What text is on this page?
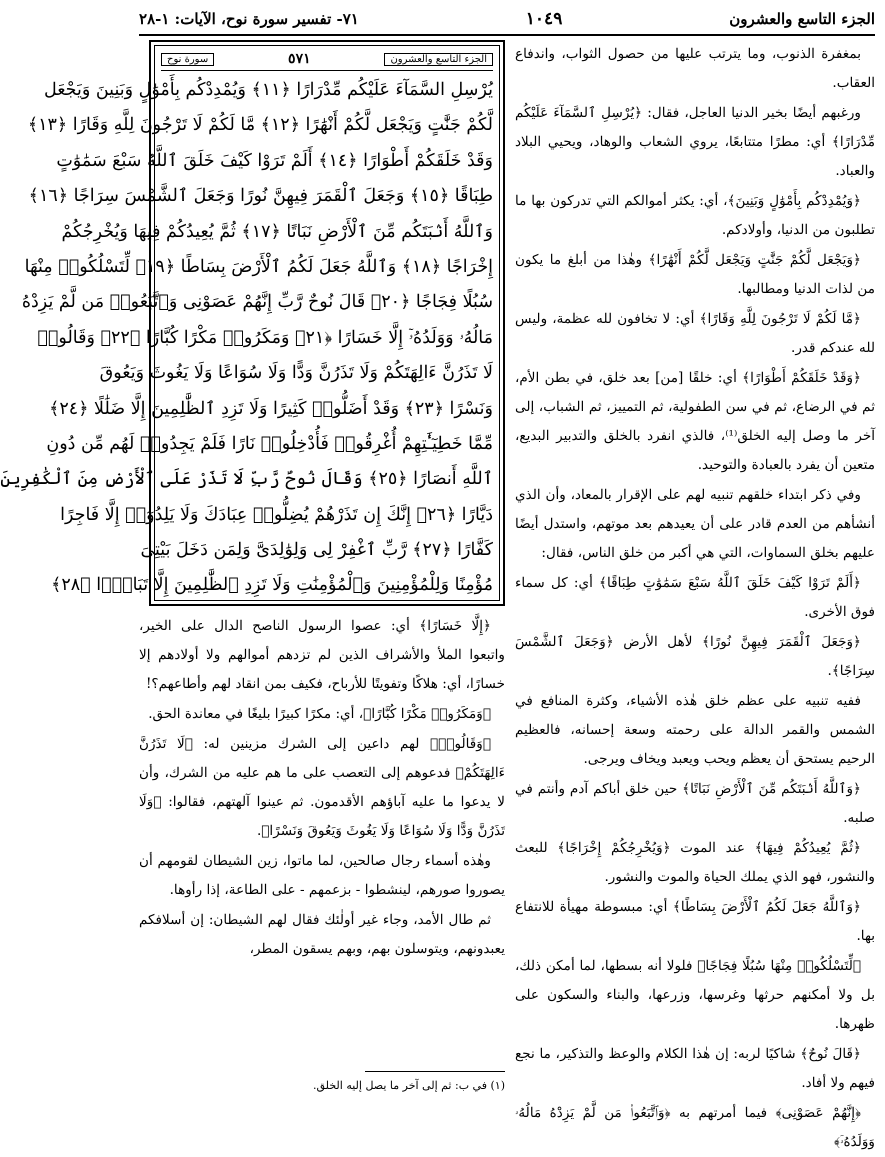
الجزء التاسع والعشرون
١٠٤٩
٧١- تفسير سورة نوح، الآيات: ١-٢٨

بمغفرة الذنوب، وما يترتب عليها من حصول الثواب، واندفاع العقاب.

ورغبهم أيضًا بخير الدنيا العاجل، فقال: ﴿يُرْسِلِ ٱلسَّمَآءَ عَلَيْكُم مِّدْرَارًا﴾ أي: مطرًا متتابعًا، يروي الشعاب والوهاد، ويحيي البلاد والعباد.

﴿وَيُمْدِدْكُم بِأَمْوَٰلٍ وَبَنِينَ﴾، أي: يكثر أموالكم التي تدركون بها ما تطلبون من الدنيا، وأولادكم.

﴿وَيَجْعَل لَّكُمْ جَنَّٰتٍ وَيَجْعَل لَّكُمْ أَنْهَٰرًا﴾ وهٰذا من أبلغ ما يكون من لذات الدنيا ومطالبها.

﴿مَّا لَكُمْ لَا تَرْجُونَ لِلَّهِ وَقَارًا﴾ أي: لا تخافون لله عظمة، وليس لله عندكم قدر.

﴿وَقَدْ خَلَقَكُمْ أَطْوَارًا﴾ أي: خلقًا [من] بعد خلق، في بطن الأم، ثم في الرضاع، ثم في سن الطفولية، ثم التمييز، ثم الشباب، إلى آخر ما وصل إليه الخلق⁽¹⁾، فالذي انفرد بالخلق والتدبير البديع، متعين أن يفرد بالعبادة والتوحيد.

وفي ذكر ابتداء خلقهم تنبيه لهم على الإقرار بالمعاد، وأن الذي أنشأهم من العدم قادر على أن يعيدهم بعد موتهم، واستدل أيضًا عليهم بخلق السماوات، التي هي أكبر من خلق الناس، فقال:

﴿أَلَمْ تَرَوْا كَيْفَ خَلَقَ ٱللَّهُ سَبْعَ سَمَٰوَٰتٍ طِبَاقًا﴾ أي: كل سماء فوق الأخرى.

﴿وَجَعَلَ ٱلْقَمَرَ فِيهِنَّ نُورًا﴾ لأهل الأرض ﴿وَجَعَلَ ٱلشَّمْسَ سِرَاجًا﴾.

ففيه تنبيه على عظم خلق هٰذه الأشياء، وكثرة المنافع في الشمس والقمر الدالة على رحمته وسعة إحسانه، فالعظيم الرحيم يستحق أن يعظم ويحب ويعبد ويخاف ويرجى.

﴿وَٱللَّهُ أَنۢبَتَكُم مِّنَ ٱلْأَرْضِ نَبَاتًا﴾ حين خلق أباكم آدم وأنتم في صلبه.

﴿ثُمَّ يُعِيدُكُمْ فِيهَا﴾ عند الموت ﴿وَيُخْرِجُكُمْ إِخْرَاجًا﴾ للبعث والنشور، فهو الذي يملك الحياة والموت والنشور.

﴿وَٱللَّهُ جَعَلَ لَكُمُ ٱلْأَرْضَ بِسَاطًا﴾ أي: مبسوطة مهيأة للانتفاع بها.

﴿لِّتَسْلُكُوا۟ مِنْهَا سُبُلًا فِجَاجًا﴾ فلولا أنه بسطها، لما أمكن ذلك، بل ولا أمكنهم حرثها وغرسها، وزرعها، والبناء والسكون على ظهرها.

﴿قَالَ نُوحٌ﴾ شاكيًا لربه: إن هٰذا الكلام والوعظ والتذكير، ما نجع فيهم ولا أفاد.

﴿إِنَّهُمْ عَصَوْنِى﴾ فيما أمرتهم به ﴿وَٱتَّبَعُوا۟ مَن لَّمْ يَزِدْهُ مَالُهُۥ وَوَلَدُهُۥٓ﴾

الجزء التاسع والعشرون
٥٧١
سورة نوح
يُرْسِلِ السَّمَآءَ عَلَيْكُم مِّدْرَارًا ﴿١١﴾ وَيُمْدِدْكُم بِأَمْوَٰلٍ وَبَنِينَ وَيَجْعَل
لَّكُمْ جَنَّٰتٍ وَيَجْعَل لَّكُمْ أَنْهَٰرًا ﴿١٢﴾ مَّا لَكُمْ لَا تَرْجُونَ لِلَّهِ وَقَارًا ﴿١٣﴾
وَقَدْ خَلَقَكُمْ أَطْوَارًا ﴿١٤﴾ أَلَمْ تَرَوْا كَيْفَ خَلَقَ ٱللَّهُ سَبْعَ سَمَٰوَٰتٍ
طِبَاقًا ﴿١٥﴾ وَجَعَلَ ٱلْقَمَرَ فِيهِنَّ نُورًا وَجَعَلَ ٱلشَّمْسَ سِرَاجًا ﴿١٦﴾
وَٱللَّهُ أَنۢبَتَكُم مِّنَ ٱلْأَرْضِ نَبَاتًا ﴿١٧﴾ ثُمَّ يُعِيدُكُمْ فِيهَا وَيُخْرِجُكُمْ
إِخْرَاجًا ﴿١٨﴾ وَٱللَّهُ جَعَلَ لَكُمُ ٱلْأَرْضَ بِسَاطًا ﴿١٩﴾ لِّتَسْلُكُوا۟ مِنْهَا
سُبُلًا فِجَاجًا ﴿٢٠﴾ قَالَ نُوحٌ رَّبِّ إِنَّهُمْ عَصَوْنِى وَٱتَّبَعُوا۟ مَن لَّمْ يَزِدْهُ
مَالُهُۥ وَوَلَدُهُۥٓ إِلَّا خَسَارًا ﴿٢١﴾ وَمَكَرُوا۟ مَكْرًا كُبَّارًا ﴿٢٢﴾ وَقَالُوا۟
لَا تَذَرُنَّ ءَالِهَتَكُمْ وَلَا تَذَرُنَّ وَدًّا وَلَا سُوَاعًا وَلَا يَغُوثَ وَيَعُوقَ
وَنَسْرًا ﴿٢٣﴾ وَقَدْ أَضَلُّوا۟ كَثِيرًا وَلَا تَزِدِ ٱلظَّٰلِمِينَ إِلَّا ضَلَٰلًا ﴿٢٤﴾
مِّمَّا خَطِيٓـَٰٔتِهِمْ أُغْرِقُوا۟ فَأُدْخِلُوا۟ نَارًا فَلَمْ يَجِدُوا۟ لَهُم مِّن دُونِ
ٱللَّهِ أَنصَارًا ﴿٢٥﴾ وَقَالَ نُوحٌ رَّبِّ لَا تَذَرْ عَلَى ٱلْأَرْضِ مِنَ ٱلْكَٰفِرِينَ
دَيَّارًا ﴿٢٦﴾ إِنَّكَ إِن تَذَرْهُمْ يُضِلُّوا۟ عِبَادَكَ وَلَا يَلِدُوٓا۟ إِلَّا فَاجِرًا
كَفَّارًا ﴿٢٧﴾ رَّبِّ ٱغْفِرْ لِى وَلِوَٰلِدَىَّ وَلِمَن دَخَلَ بَيْتِىَ
مُؤْمِنًا وَلِلْمُؤْمِنِينَ وَٱلْمُؤْمِنَٰتِ وَلَا تَزِدِ ٱلظَّٰلِمِينَ إِلَّا تَبَارًۢا ﴿٢٨﴾

﴿إِلَّا خَسَارًا﴾ أي: عصوا الرسول الناصح الدال على الخير، واتبعوا الملأ والأشراف الذين لم تزدهم أموالهم ولا أولادهم إلا خسارًا، أي: هلاكًا وتفويتًا للأرباح، فكيف بمن انقاد لهم وأطاعهم؟!

﴿وَمَكَرُوا۟ مَكْرًا كُبَّارًا﴾، أي: مكرًا كبيرًا بليغًا في معاندة الحق.

﴿وَقَالُوا۟﴾ لهم داعين إلى الشرك مزينين له: ﴿لَا تَذَرُنَّ ءَالِهَتَكُمْ﴾ فدعوهم إلى التعصب على ما هم عليه من الشرك، وأن لا يدعوا ما عليه آباؤهم الأقدمون. ثم عينوا آلهتهم، فقالوا: ﴿وَلَا تَذَرُنَّ وَدًّا وَلَا سُوَاعًا وَلَا يَغُوثَ وَيَعُوقَ وَنَسْرًا﴾.

وهٰذه أسماء رجال صالحين، لما ماتوا، زين الشيطان لقومهم أن يصوروا صورهم، لينشطوا - بزعمهم - على الطاعة، إذا رأوها.

ثم طال الأمد، وجاء غير أولٰئك فقال لهم الشيطان: إن أسلافكم يعبدونهم، ويتوسلون بهم، وبهم يسقون المطر،

(١) في ب: ثم إلى آخر ما يصل إليه الخلق.
